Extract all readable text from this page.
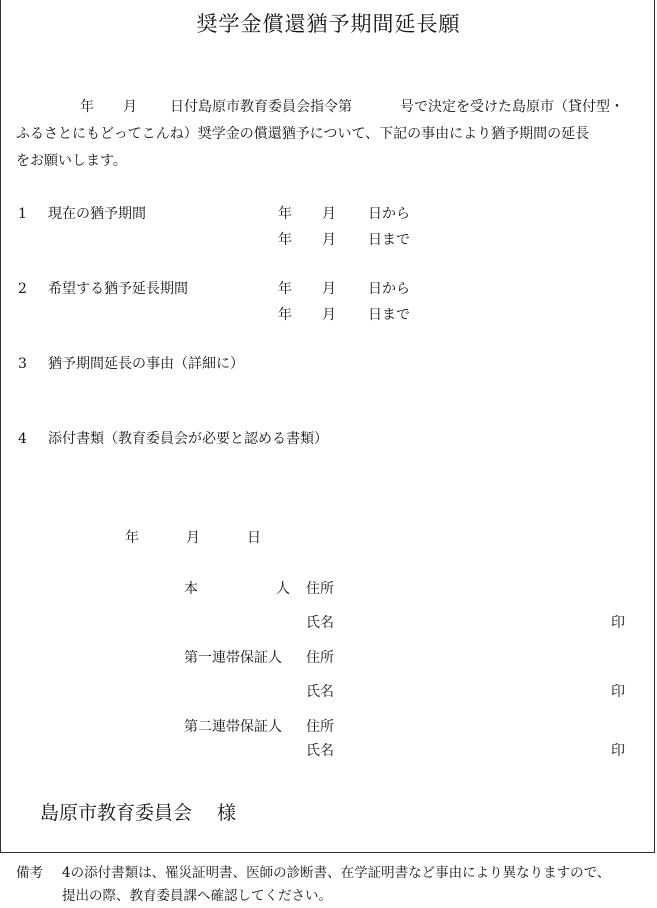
奨学金償還猶予期間延長願
年 月 日付島原市教育委員会指令第	号で決定を受けた島原市（貸付型・
ふるさとにもどってこんね）奨学金の償還猶予について、下記の事由により猶予期間の延長
をお願いします。
1 現在の猶予期間	年 月 日から
年 月 日まで
2 希望する猶予延長期間	年 月 日から
年 月 日まで
3 猶予期間延長の事由（詳細に）
4 添付書類（教育委員会が必要と認める書類）
年	月	日
本	人 住所
氏名	印
第一連帯保証人 住所
氏名	印
第二連帯保証人 住所
氏名	印
島原市教育委員会　 様
備考 4の添付書類は、罹災証明書、医師の診断書、在学証明書など事由により異なりますので、
提出の際、教育委員課へ確認してください。
